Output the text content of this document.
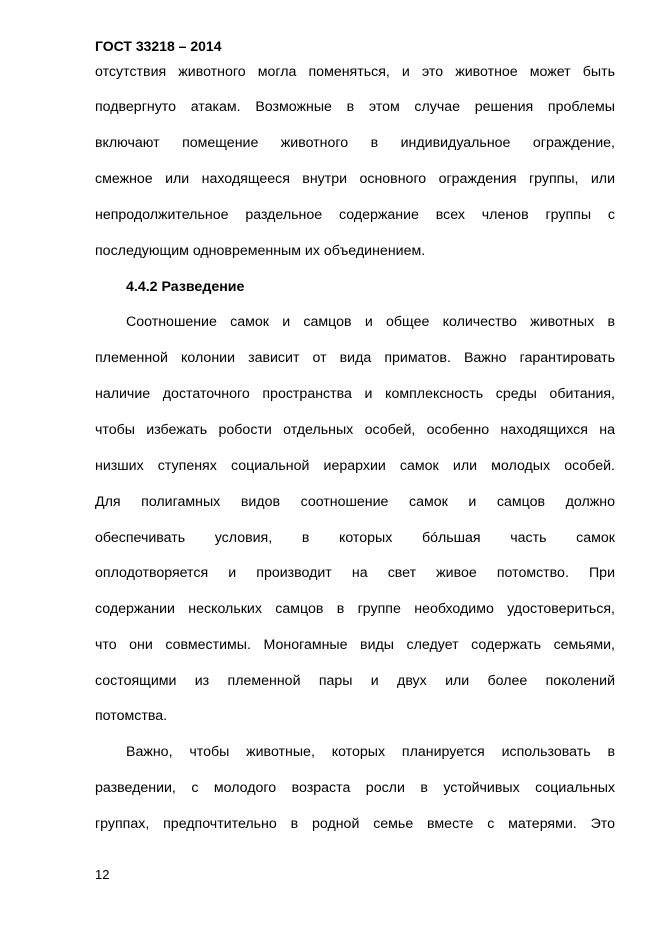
ГОСТ 33218 – 2014
отсутствия животного могла поменяться, и это животное может быть
подвергнуто атакам. Возможные в этом случае решения проблемы
включают помещение животного в индивидуальное ограждение,
смежное или находящееся внутри основного ограждения группы, или
непродолжительное раздельное содержание всех членов группы с
последующим одновременным их объединением.
4.4.2 Разведение
Соотношение самок и самцов и общее количество животных в
племенной колонии зависит от вида приматов. Важно гарантировать
наличие достаточного пространства и комплексность среды обитания,
чтобы избежать робости отдельных особей, особенно находящихся на
низших ступенях социальной иерархии самок или молодых особей.
Для полигамных видов соотношение самок и самцов должно
обеспечивать условия, в которых бóльшая часть самок
оплодотворяется и производит на свет живое потомство. При
содержании нескольких самцов в группе необходимо удостовериться,
что они совместимы. Моногамные виды следует содержать семьями,
состоящими из племенной пары и двух или более поколений
потомства.
Важно, чтобы животные, которых планируется использовать в
разведении, с молодого возраста росли в устойчивых социальных
группах, предпочтительно в родной семье вместе с матерями. Это
12
